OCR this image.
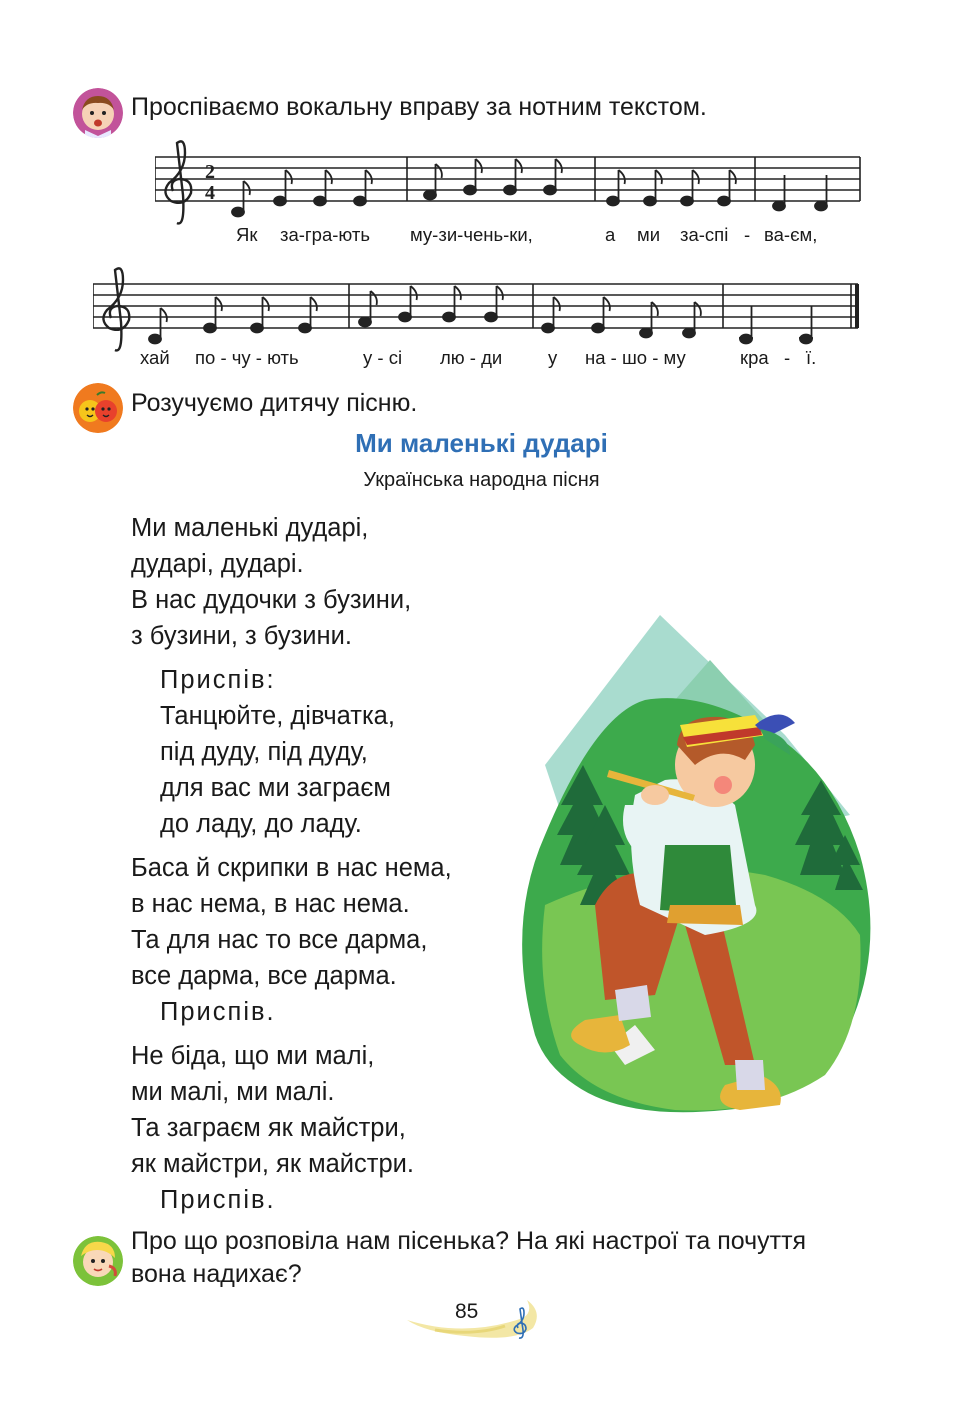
Проспіваємо вокальну вправу за нотним текстом.
2
4
Як за-гра-ють му-зи-чень-ки,	а ми за-спі - ва-єм,
хай по - чу - ють	у - сі лю - ди у на - шо - му	кра - ї.
Розучуємо дитячу пісню.
Ми маленькі дударі
Українська народна пісня
Ми маленькі дударі,
дударі, дударі.
В нас дудочки з бузини,
з бузини, з бузини.
Приспів:
Танцюйте, дівчатка,
під дуду, під дуду,
для вас ми заграєм
до ладу, до ладу.
Баса й скрипки в нас нема,
в нас нема, в нас нема.
Та для нас то все дарма,
все дарма, все дарма.
Приспів.
Не біда, що ми малі,
ми малі, ми малі.
Та заграєм як майстри,
як майстри, як майстри.
Приспів.
Про що розповіла нам пісенька? На які настрої та почуття
вона надихає?
85
